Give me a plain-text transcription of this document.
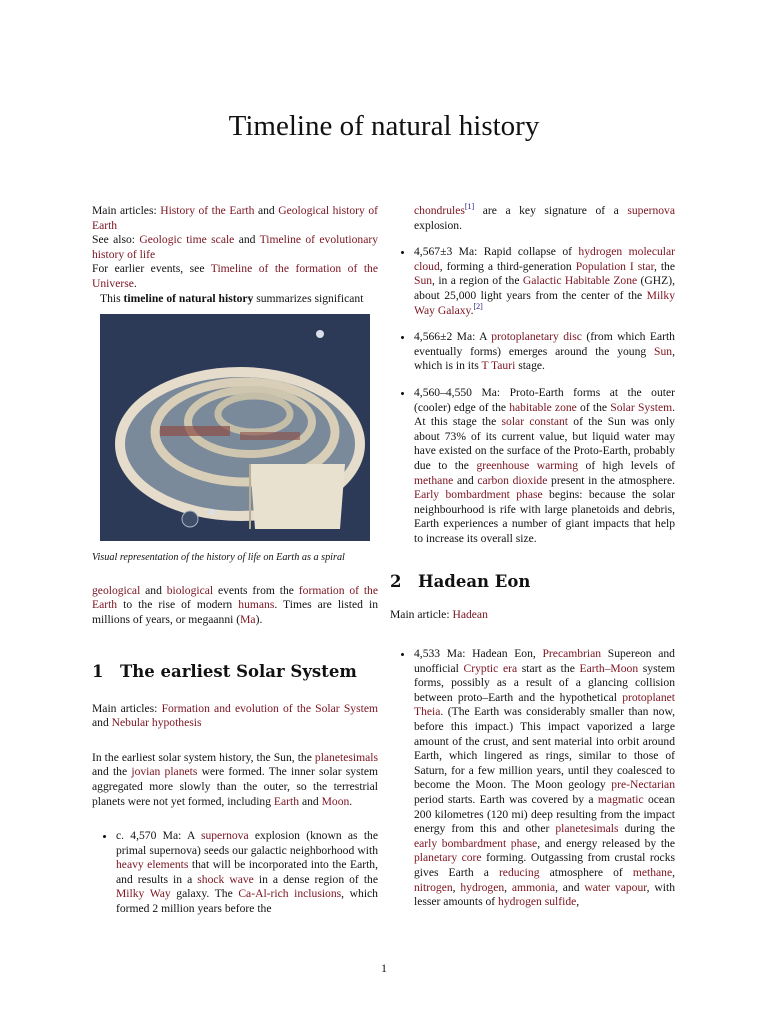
Timeline of natural history

Main articles: History of the Earth and Geological history of Earth

See also: Geologic time scale and Timeline of evolutionary history of life

For earlier events, see Timeline of the formation of the Universe.

This timeline of natural history summarizes significant

Visual representation of the history of life on Earth as a spiral

geological and biological events from the formation of the Earth to the rise of modern humans. Times are listed in millions of years, or megaanni (Ma).

1 The earliest Solar System

Main articles: Formation and evolution of the Solar System and Nebular hypothesis

In the earliest solar system history, the Sun, the planetesimals and the jovian planets were formed. The inner solar system aggregated more slowly than the outer, so the terrestrial planets were not yet formed, including Earth and Moon.

• c. 4,570 Ma: A supernova explosion (known as the primal supernova) seeds our galactic neighborhood with heavy elements that will be incorporated into the Earth, and results in a shock wave in a dense region of the Milky Way galaxy. The Ca-Al-rich inclusions, which formed 2 million years before the

chondrules[1] are a key signature of a supernova explosion.

• 4,567±3 Ma: Rapid collapse of hydrogen molecular cloud, forming a third-generation Population I star, the Sun, in a region of the Galactic Habitable Zone (GHZ), about 25,000 light years from the center of the Milky Way Galaxy.[2]
• 4,566±2 Ma: A protoplanetary disc (from which Earth eventually forms) emerges around the young Sun, which is in its T Tauri stage.
• 4,560–4,550 Ma: Proto-Earth forms at the outer (cooler) edge of the habitable zone of the Solar System. At this stage the solar constant of the Sun was only about 73% of its current value, but liquid water may have existed on the surface of the Proto-Earth, probably due to the greenhouse warming of high levels of methane and carbon dioxide present in the atmosphere. Early bombardment phase begins: because the solar neighbourhood is rife with large planetoids and debris, Earth experiences a number of giant impacts that help to increase its overall size.
2 Hadean Eon

Main article: Hadean

• 4,533 Ma: Hadean Eon, Precambrian Supereon and unofficial Cryptic era start as the Earth–Moon system forms, possibly as a result of a glancing collision between proto–Earth and the hypothetical protoplanet Theia. (The Earth was considerably smaller than now, before this impact.) This impact vaporized a large amount of the crust, and sent material into orbit around Earth, which lingered as rings, similar to those of Saturn, for a few million years, until they coalesced to become the Moon. The Moon geology pre-Nectarian period starts. Earth was covered by a magmatic ocean 200 kilometres (120 mi) deep resulting from the impact energy from this and other planetesimals during the early bombardment phase, and energy released by the planetary core forming. Outgassing from crustal rocks gives Earth a reducing atmosphere of methane, nitrogen, hydrogen, ammonia, and water vapour, with lesser amounts of hydrogen sulfide,
1
